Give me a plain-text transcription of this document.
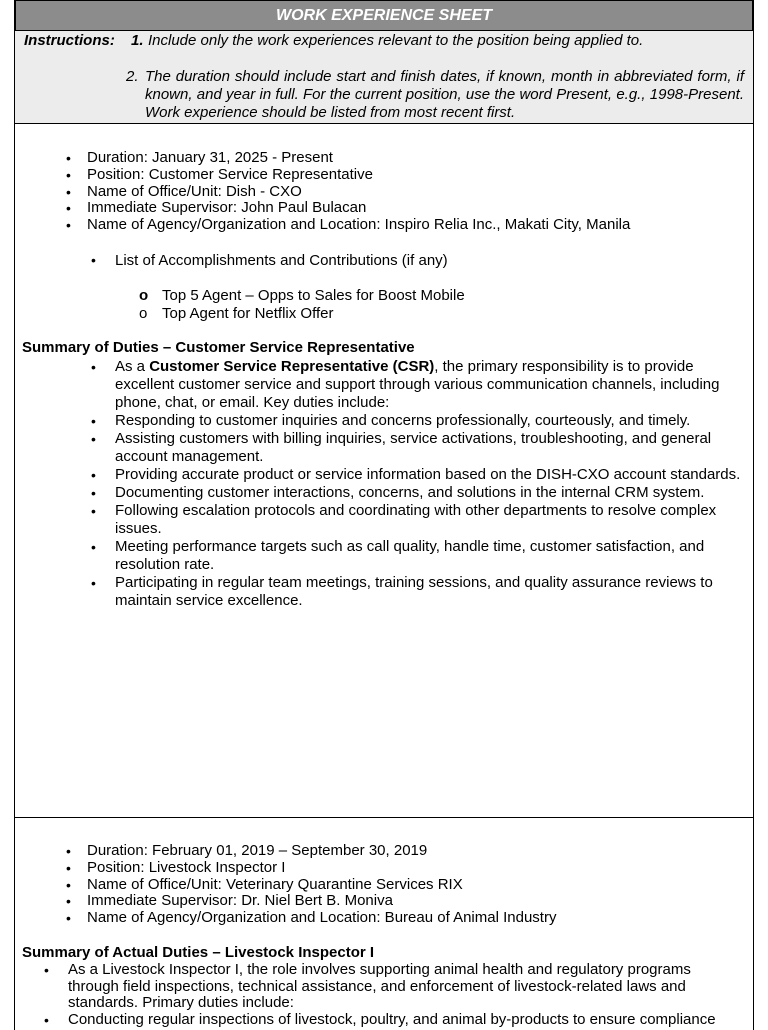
WORK EXPERIENCE SHEET
Instructions: 1. Include only the work experiences relevant to the position being applied to.
2. The duration should include start and finish dates, if known, month in abbreviated form, if known, and year in full. For the current position, use the word Present, e.g., 1998-Present. Work experience should be listed from most recent first.
• Duration: January 31, 2025 - Present
• Position: Customer Service Representative
• Name of Office/Unit: Dish - CXO
• Immediate Supervisor: John Paul Bulacan
• Name of Agency/Organization and Location: Inspiro Relia Inc., Makati City, Manila
• List of Accomplishments and Contributions (if any)
o Top 5 Agent – Opps to Sales for Boost Mobile
o Top Agent for Netflix Offer
Summary of Duties – Customer Service Representative
• As a Customer Service Representative (CSR), the primary responsibility is to provide excellent customer service and support through various communication channels, including phone, chat, or email. Key duties include:
• Responding to customer inquiries and concerns professionally, courteously, and timely.
• Assisting customers with billing inquiries, service activations, troubleshooting, and general account management.
• Providing accurate product or service information based on the DISH-CXO account standards.
• Documenting customer interactions, concerns, and solutions in the internal CRM system.
• Following escalation protocols and coordinating with other departments to resolve complex issues.
• Meeting performance targets such as call quality, handle time, customer satisfaction, and resolution rate.
• Participating in regular team meetings, training sessions, and quality assurance reviews to maintain service excellence.
• Duration: February 01, 2019 – September 30, 2019
• Position: Livestock Inspector I
• Name of Office/Unit: Veterinary Quarantine Services RIX
• Immediate Supervisor: Dr. Niel Bert B. Moniva
• Name of Agency/Organization and Location: Bureau of Animal Industry
Summary of Actual Duties – Livestock Inspector I
• As a Livestock Inspector I, the role involves supporting animal health and regulatory programs through field inspections, technical assistance, and enforcement of livestock-related laws and standards. Primary duties include:
• Conducting regular inspections of livestock, poultry, and animal by-products to ensure compliance
